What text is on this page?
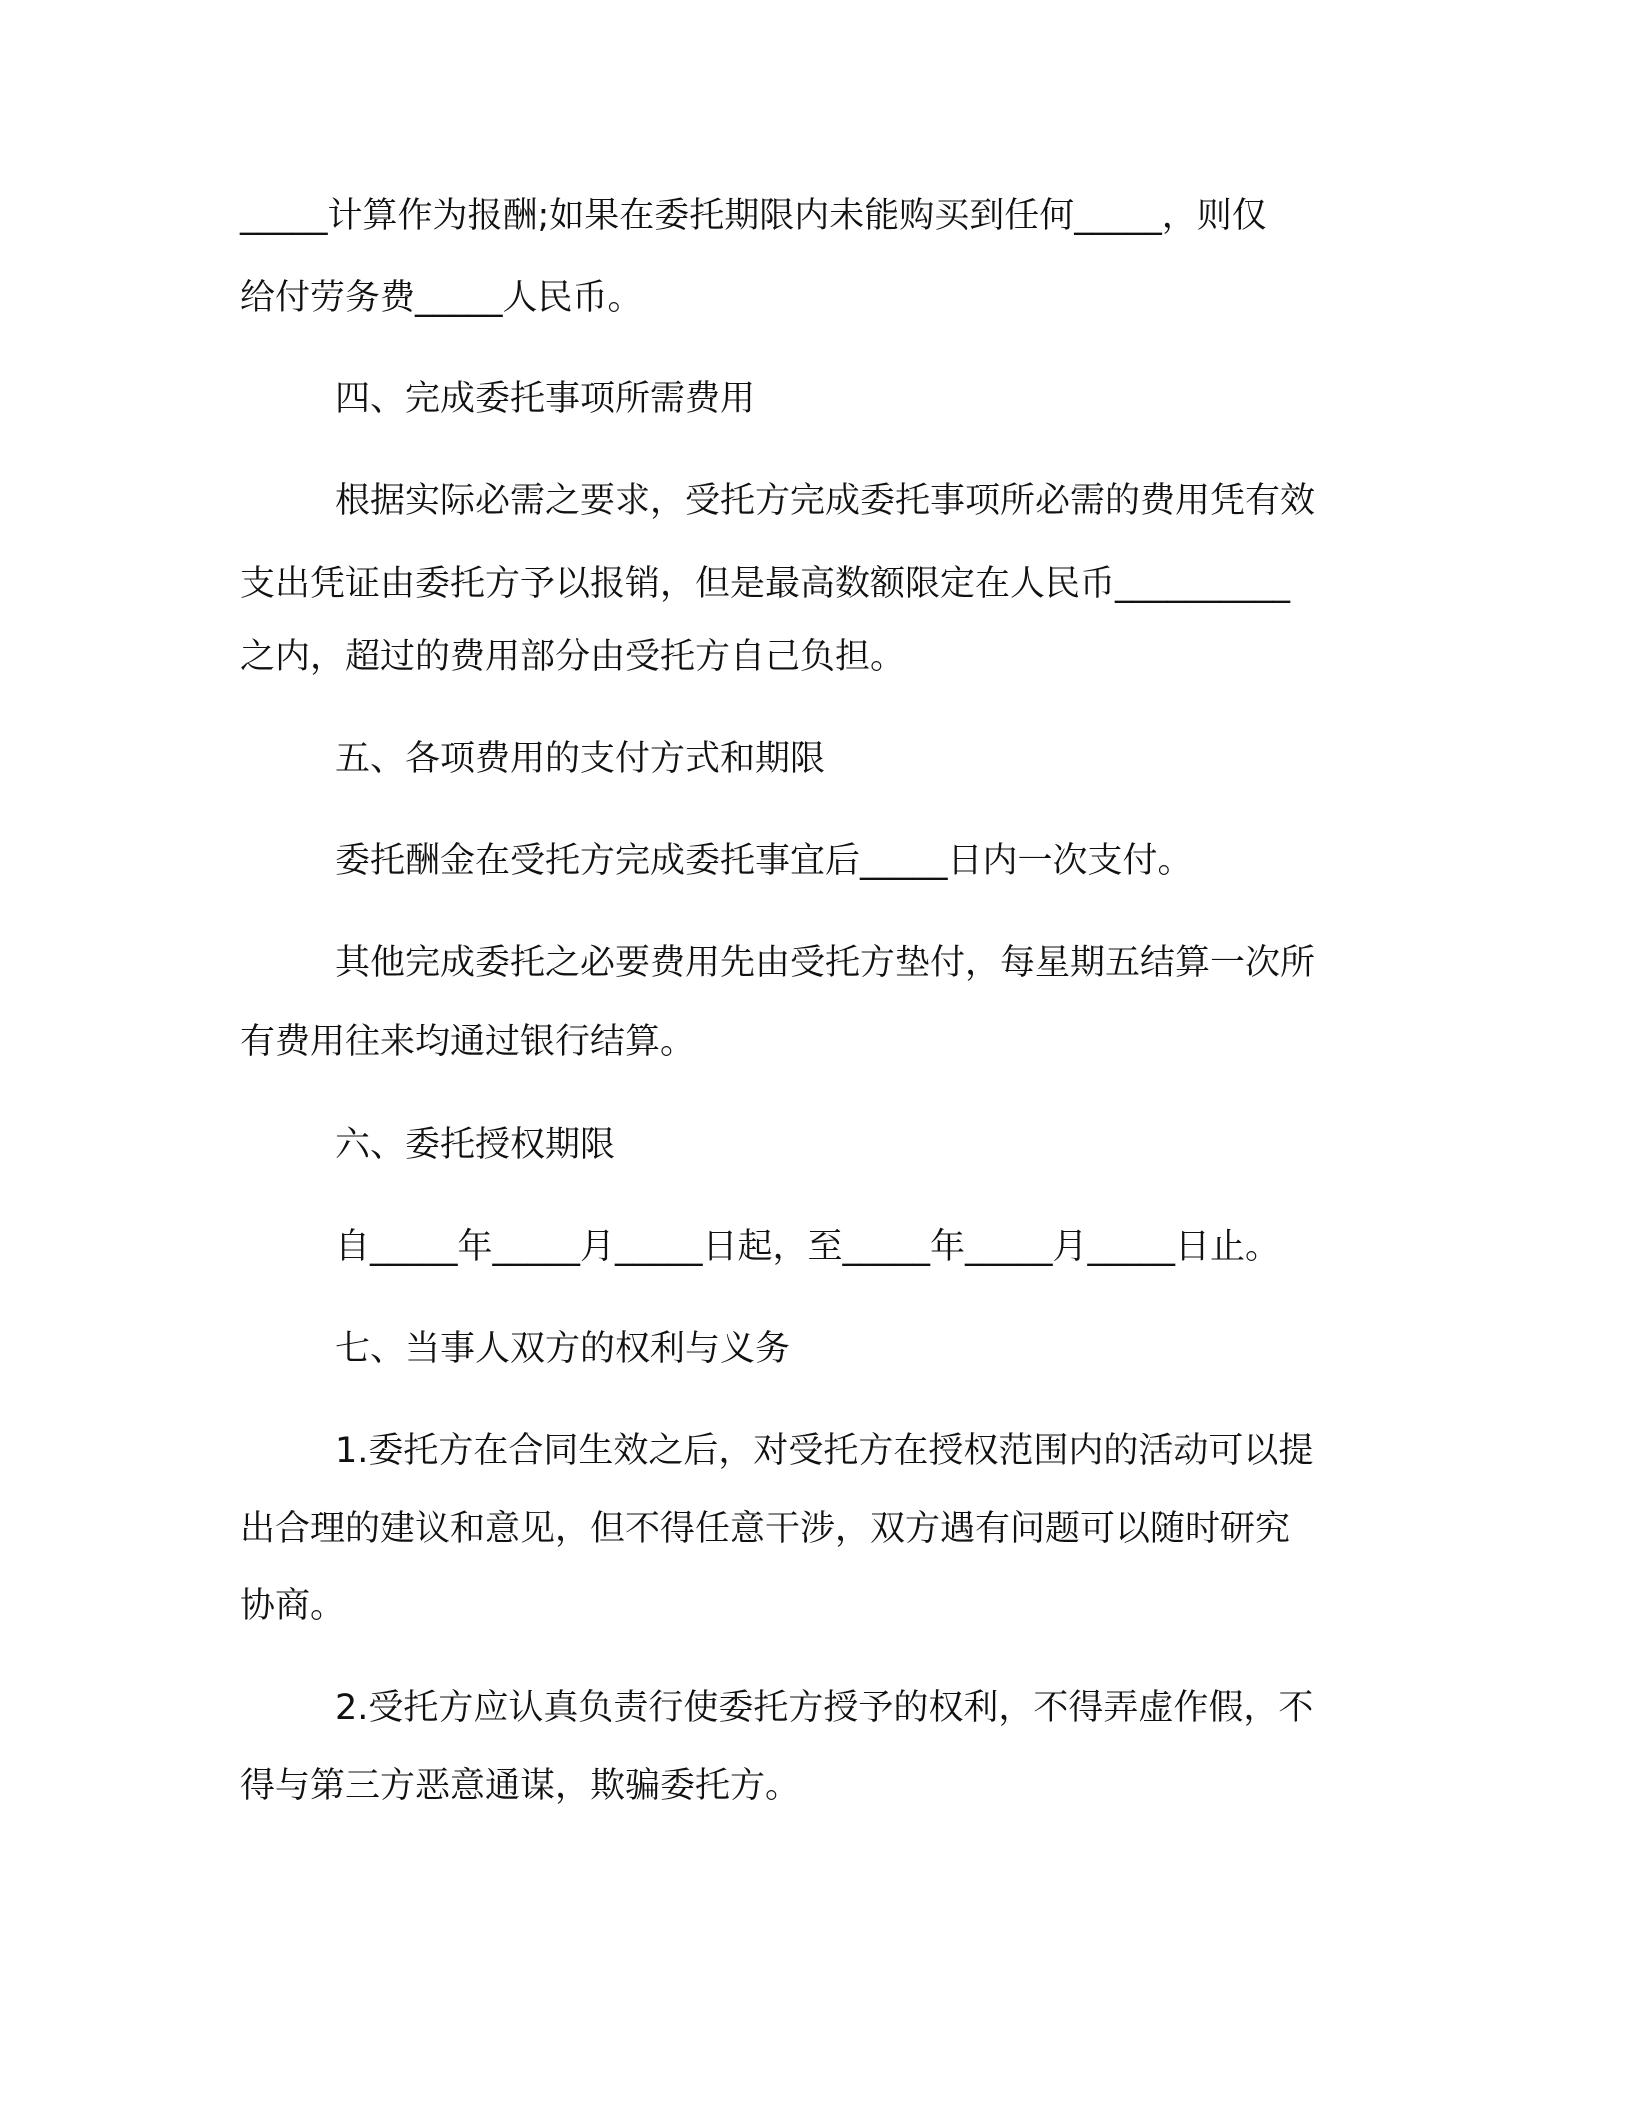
_____计算作为报酬;如果在委托期限内未能购买到任何_____，则仅

给付劳务费_____人民币。

四、完成委托事项所需费用

根据实际必需之要求，受托方完成委托事项所必需的费用凭有效

支出凭证由委托方予以报销，但是最高数额限定在人民币__________

之内，超过的费用部分由受托方自己负担。

五、各项费用的支付方式和期限

委托酬金在受托方完成委托事宜后_____日内一次支付。

其他完成委托之必要费用先由受托方垫付，每星期五结算一次所

有费用往来均通过银行结算。

六、委托授权期限

自_____年_____月_____日起，至_____年_____月_____日止。

七、当事人双方的权利与义务

1.委托方在合同生效之后，对受托方在授权范围内的活动可以提

出合理的建议和意见，但不得任意干涉，双方遇有问题可以随时研究

协商。

2.受托方应认真负责行使委托方授予的权利，不得弄虚作假，不

得与第三方恶意通谋，欺骗委托方。
